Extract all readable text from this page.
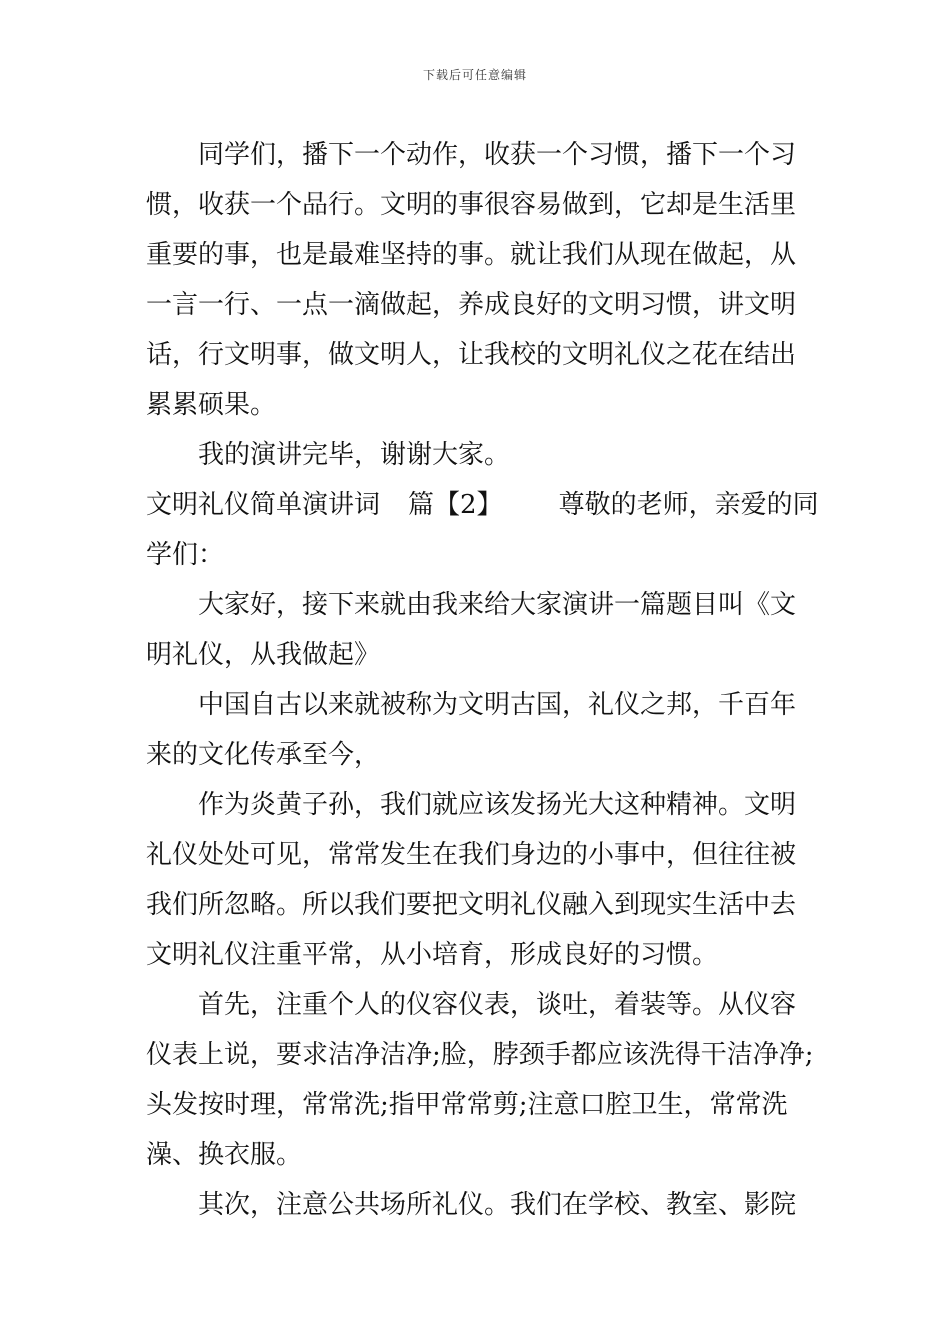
下载后可任意编辑
同学们，播下一个动作，收获一个习惯，播下一个习
惯，收获一个品行。文明的事很容易做到，它却是生活里
重要的事，也是最难坚持的事。就让我们从现在做起，从
一言一行、一点一滴做起，养成良好的文明习惯，讲文明
话，行文明事，做文明人，让我校的文明礼仪之花在结出
累累硕果。
我的演讲完毕，谢谢大家。
文明礼仪简单演讲词 篇【2】 尊敬的老师，亲爱的同
学们：
大家好，接下来就由我来给大家演讲一篇题目叫《文
明礼仪，从我做起》
中国自古以来就被称为文明古国，礼仪之邦，千百年
来的文化传承至今，
作为炎黄子孙，我们就应该发扬光大这种精神。文明
礼仪处处可见，常常发生在我们身边的小事中，但往往被
我们所忽略。所以我们要把文明礼仪融入到现实生活中去
文明礼仪注重平常，从小培育，形成良好的习惯。
首先，注重个人的仪容仪表，谈吐，着装等。从仪容
仪表上说，要求洁净洁净;脸，脖颈手都应该洗得干洁净净;
头发按时理，常常洗;指甲常常剪;注意口腔卫生，常常洗
澡、换衣服。
其次，注意公共场所礼仪。我们在学校、教室、影院
